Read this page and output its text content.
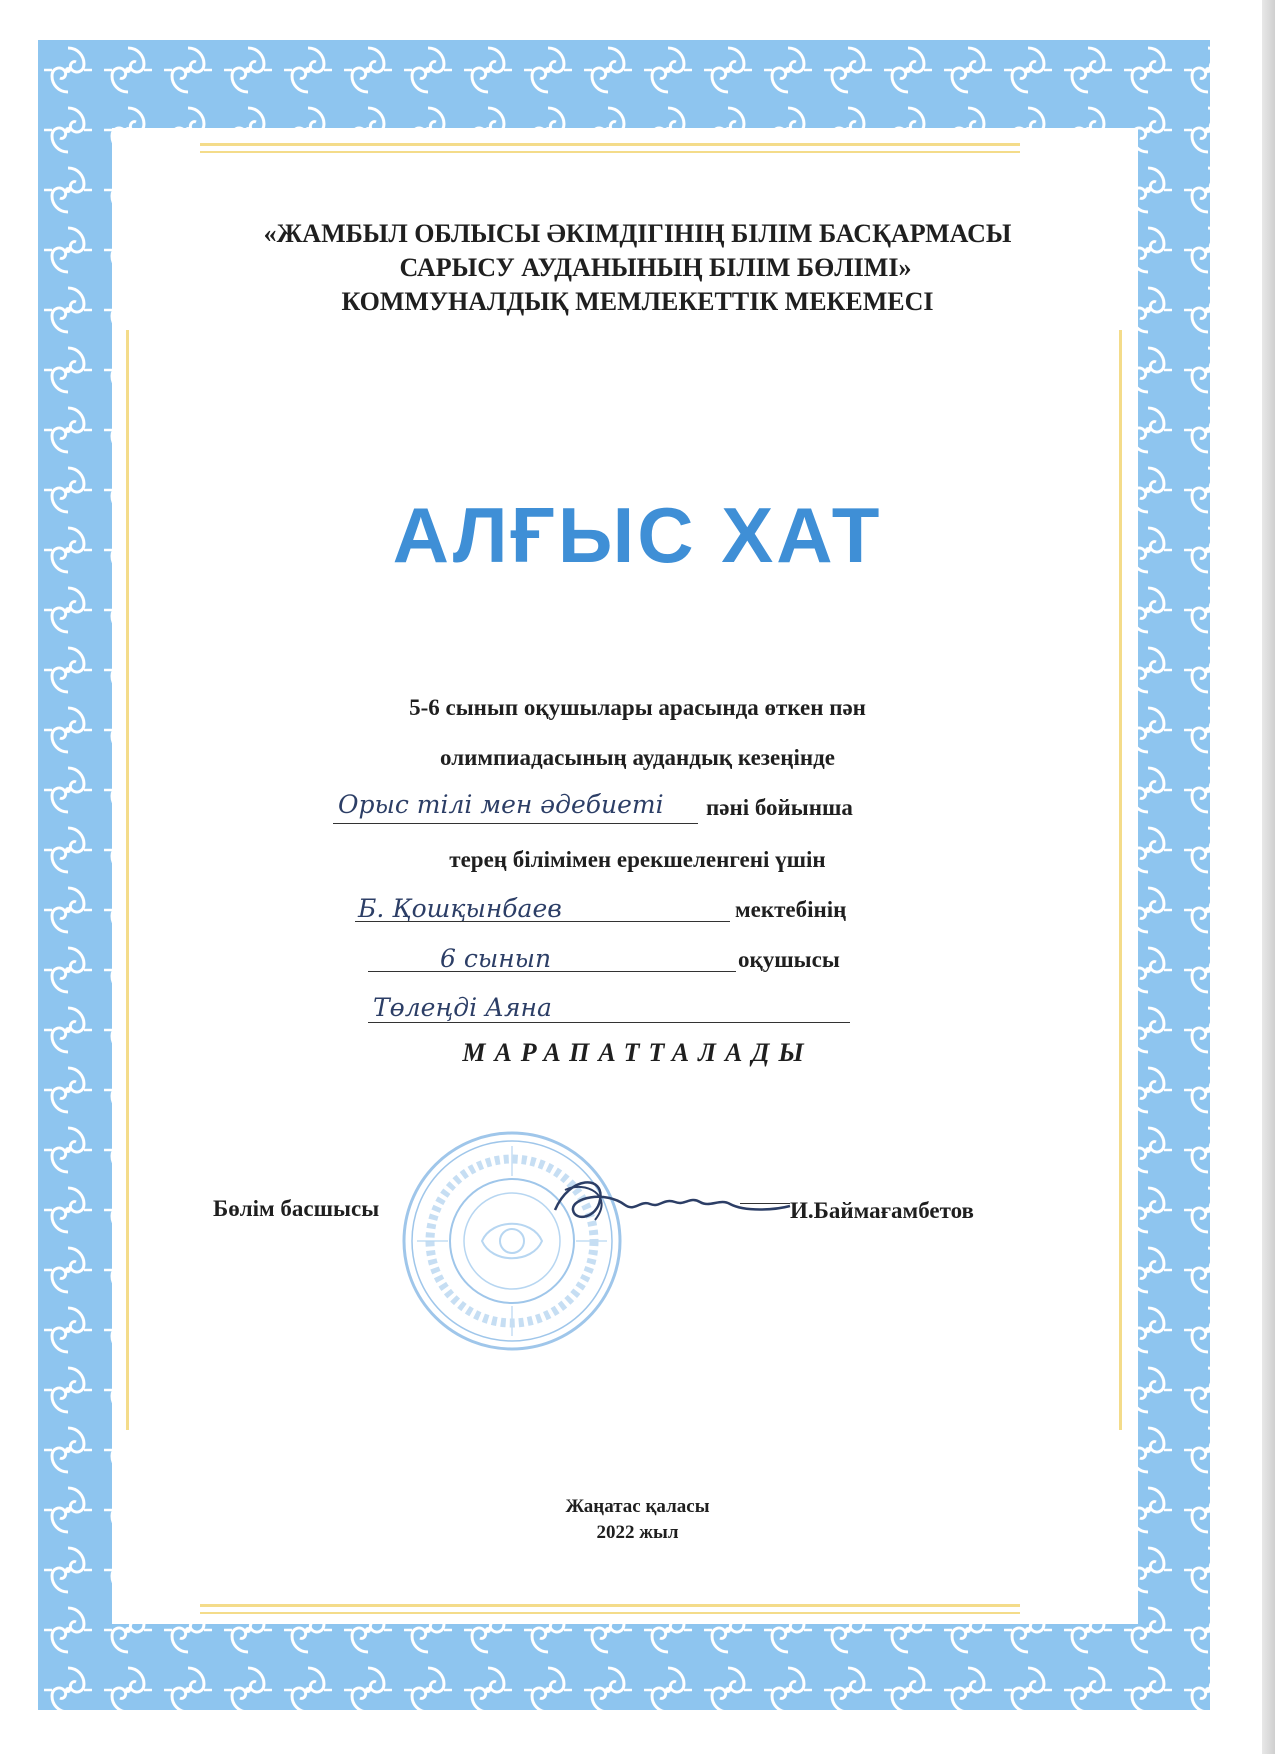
«ЖАМБЫЛ ОБЛЫСЫ ӘКІМДІГІНІҢ БІЛІМ БАСҚАРМАСЫ
САРЫСУ АУДАНЫНЫҢ БІЛІМ БӨЛІМІ»
КОММУНАЛДЫҚ МЕМЛЕКЕТТІК МЕКЕМЕСІ
АЛҒЫС ХАТ
5-6 сынып оқушылары арасында өткен пән
олимпиадасының аудандық кезеңінде
Орыс тілі мен әдебиеті пәні бойынша
терең білімімен ерекшеленгені үшін
Б. Қошқынбаев	мектебінің
6 сынып	оқушысы
Төлеңді Аяна
МАРАПАТТАЛАДЫ
Бөлім басшысы	И.Баймағамбетов
Жаңатас қаласы
2022 жыл
